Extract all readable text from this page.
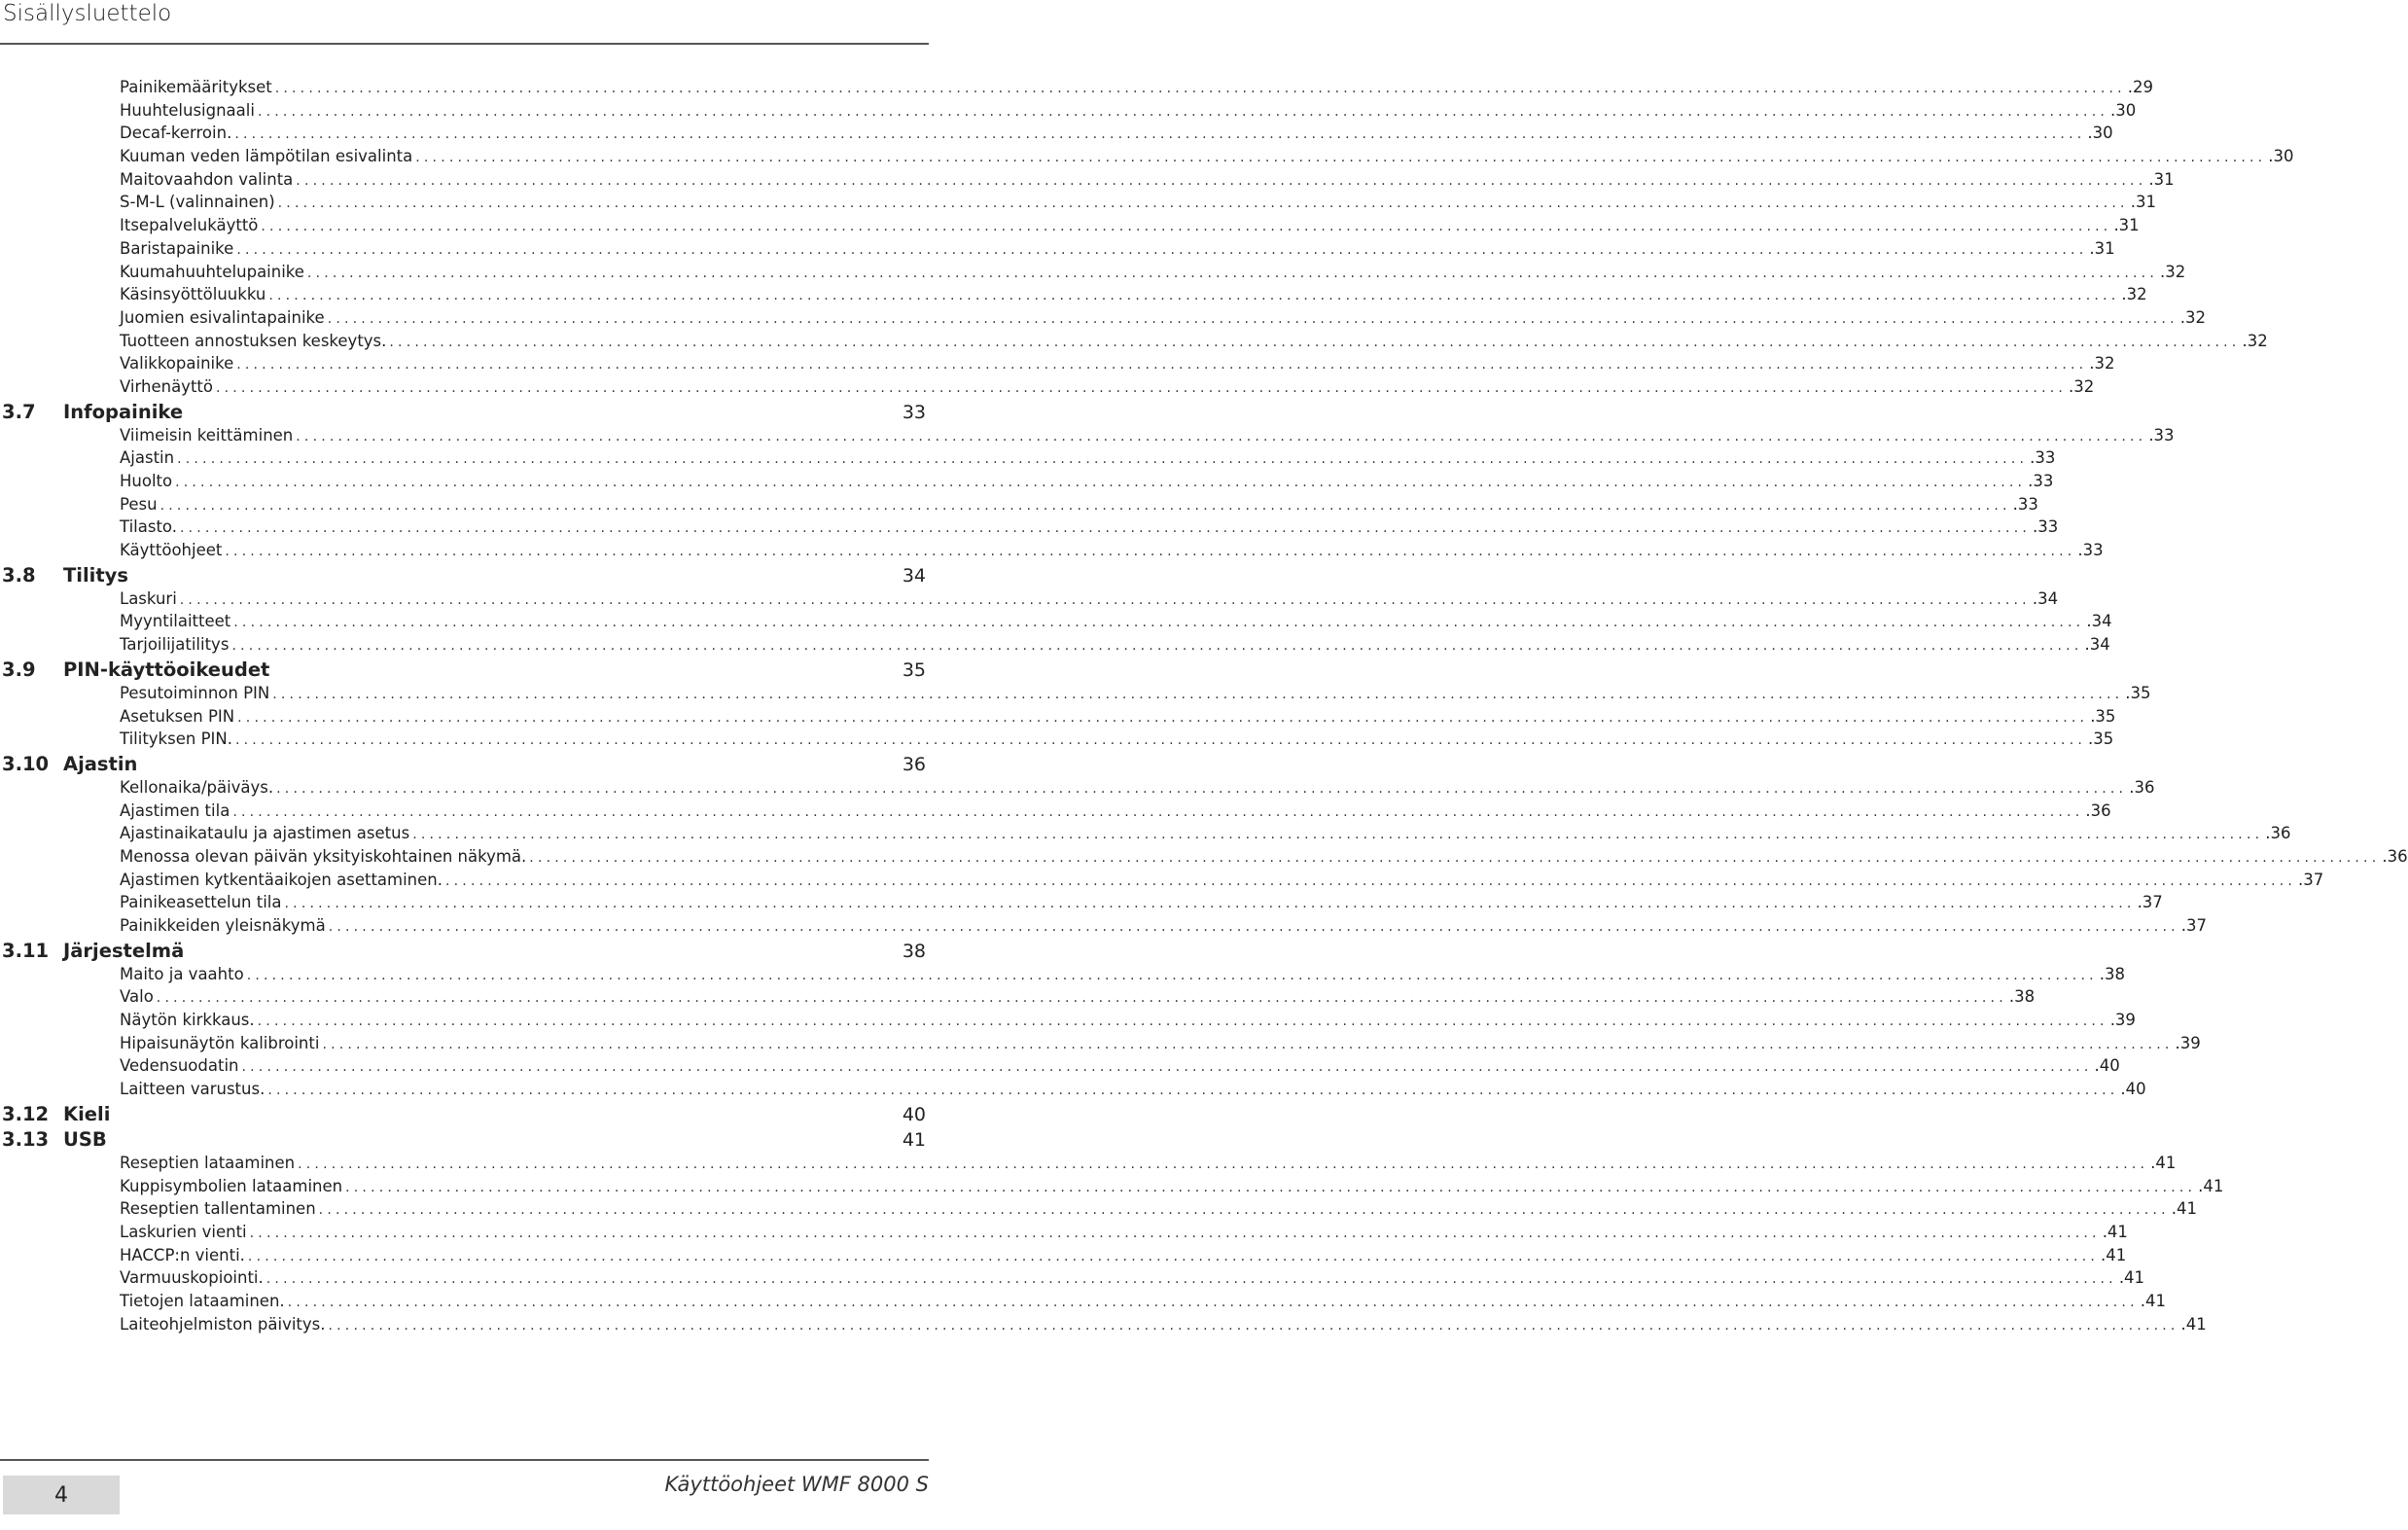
Sisällysluettelo
Painikemääritykset ............................................................................................................................................................................................................................ .29
Huuhtelusignaali ............................................................................................................................................................................................................................ .30
Decaf-kerroin. ............................................................................................................................................................................................................................ .30
Kuuman veden lämpötilan esivalinta ............................................................................................................................................................................................................................ .30
Maitovaahdon valinta ............................................................................................................................................................................................................................ .31
S-M-L (valinnainen) ............................................................................................................................................................................................................................ .31
Itsepalvelukäyttö ............................................................................................................................................................................................................................ .31
Baristapainike ............................................................................................................................................................................................................................ .31
Kuumahuuhtelupainike ............................................................................................................................................................................................................................ .32
Käsinsyöttöluukku ............................................................................................................................................................................................................................ .32
Juomien esivalintapainike ............................................................................................................................................................................................................................ .32
Tuotteen annostuksen keskeytys. ............................................................................................................................................................................................................................ .32
Valikkopainike ............................................................................................................................................................................................................................ .32
Virhenäyttö ............................................................................................................................................................................................................................ .32
3.7	Infopainike	33
Viimeisin keittäminen ............................................................................................................................................................................................................................ .33
Ajastin ............................................................................................................................................................................................................................ .33
Huolto ............................................................................................................................................................................................................................ .33
Pesu ............................................................................................................................................................................................................................ .33
Tilasto. ............................................................................................................................................................................................................................ .33
Käyttöohjeet ............................................................................................................................................................................................................................ .33
3.8	Tilitys	34
Laskuri ............................................................................................................................................................................................................................ .34
Myyntilaitteet ............................................................................................................................................................................................................................ .34
Tarjoilijatilitys ............................................................................................................................................................................................................................ .34
3.9	PIN-käyttöoikeudet	35
Pesutoiminnon PIN ............................................................................................................................................................................................................................ .35
Asetuksen PIN ............................................................................................................................................................................................................................ .35
Tilityksen PIN. ............................................................................................................................................................................................................................ .35
3.10 Ajastin	36
Kellonaika/päiväys. ............................................................................................................................................................................................................................ .36
Ajastimen tila ............................................................................................................................................................................................................................ .36
Ajastinaikataulu ja ajastimen asetus ............................................................................................................................................................................................................................ .36
Menossa olevan päivän yksityiskohtainen näkymä. ............................................................................................................................................................................................................................ .36
Ajastimen kytkentäaikojen asettaminen. ............................................................................................................................................................................................................................ .37
Painikeasettelun tila ............................................................................................................................................................................................................................ .37
Painikkeiden yleisnäkymä ............................................................................................................................................................................................................................ .37
3.11 Järjestelmä	38
Maito ja vaahto ............................................................................................................................................................................................................................ .38
Valo ............................................................................................................................................................................................................................ .38
Näytön kirkkaus. ............................................................................................................................................................................................................................ .39
Hipaisunäytön kalibrointi ............................................................................................................................................................................................................................ .39
Vedensuodatin ............................................................................................................................................................................................................................ .40
Laitteen varustus. ............................................................................................................................................................................................................................ .40
3.12 Kieli	40
3.13 USB	41
Reseptien lataaminen ............................................................................................................................................................................................................................ .41
Kuppisymbolien lataaminen ............................................................................................................................................................................................................................ .41
Reseptien tallentaminen ............................................................................................................................................................................................................................ .41
Laskurien vienti ............................................................................................................................................................................................................................ .41
HACCP:n vienti. ............................................................................................................................................................................................................................ .41
Varmuuskopiointi. ............................................................................................................................................................................................................................ .41
Tietojen lataaminen. ............................................................................................................................................................................................................................ .41
Laiteohjelmiston päivitys. ............................................................................................................................................................................................................................ .41
4	Käyttöohjeet WMF 8000 S
